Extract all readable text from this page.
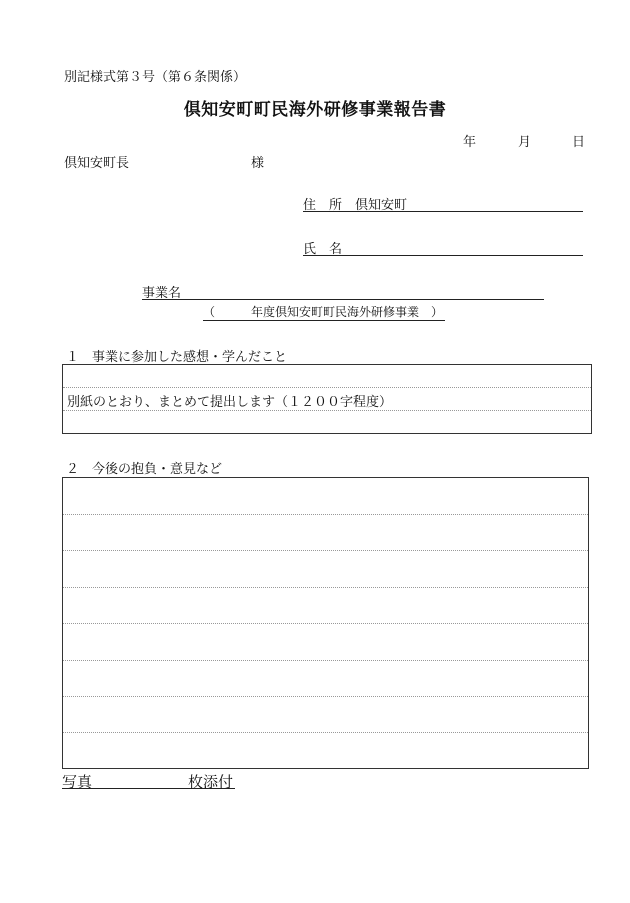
別記様式第３号（第６条関係）
倶知安町町民海外研修事業報告書
年	月	日
倶知安町長	様
住　所　倶知安町
氏　名
事業名
（　　　年度倶知安町町民海外研修事業　）
１　事業に参加した感想・学んだこと
別紙のとおり、まとめて提出します（１２００字程度）
２　今後の抱負・意見など
写真	枚添付
